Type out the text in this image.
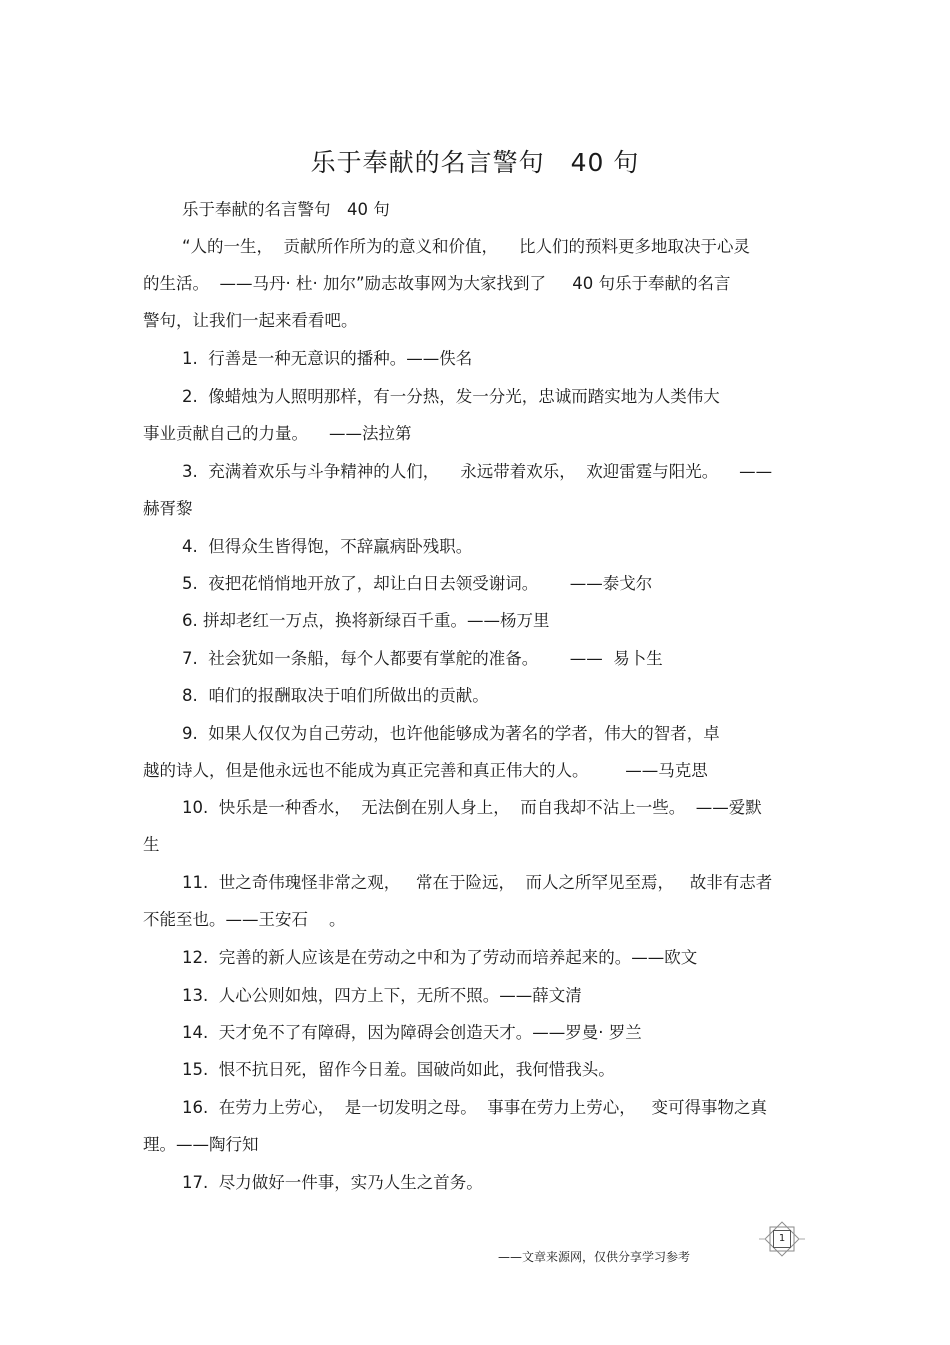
乐于奉献的名言警句　40 句
乐于奉献的名言警句　40 句
“人的一生，  贡献所作所为的意义和价值，    比人们的预料更多地取决于心灵
的生活。  ——马丹· 杜· 加尔”励志故事网为大家找到了     40 句乐于奉献的名言
警句，让我们一起来看看吧。
1.  行善是一种无意识的播种。——佚名
2.  像蜡烛为人照明那样，有一分热，发一分光，忠诚而踏实地为人类伟大
事业贡献自己的力量。    ——法拉第
3.  充满着欢乐与斗争精神的人们，    永远带着欢乐，  欢迎雷霆与阳光。    ——
赫胥黎
4.  但得众生皆得饱，不辞羸病卧残职。
5.  夜把花悄悄地开放了，却让白日去领受谢词。      ——泰戈尔
6. 拼却老红一万点，换将新绿百千重。——杨万里
7.  社会犹如一条船，每个人都要有掌舵的准备。      ——  易卜生
8.  咱们的报酬取决于咱们所做出的贡献。
9.  如果人仅仅为自己劳动，也许他能够成为著名的学者，伟大的智者，卓
越的诗人，但是他永远也不能成为真正完善和真正伟大的人。       ——马克思
10.  快乐是一种香水，  无法倒在别人身上，  而自我却不沾上一些。  ——爱默
生
11.  世之奇伟瑰怪非常之观，   常在于险远，  而人之所罕见至焉，   故非有志者
不能至也。——王安石    。
12.  完善的新人应该是在劳动之中和为了劳动而培养起来的。——欧文
13.  人心公则如烛，四方上下，无所不照。——薛文清
14.  天才免不了有障碍，因为障碍会创造天才。——罗曼· 罗兰
15.  恨不抗日死，留作今日羞。国破尚如此，我何惜我头。
16.  在劳力上劳心，  是一切发明之母。  事事在劳力上劳心，   变可得事物之真
理。——陶行知
17.  尽力做好一件事，实乃人生之首务。
1
——文章来源网，仅供分享学习参考
